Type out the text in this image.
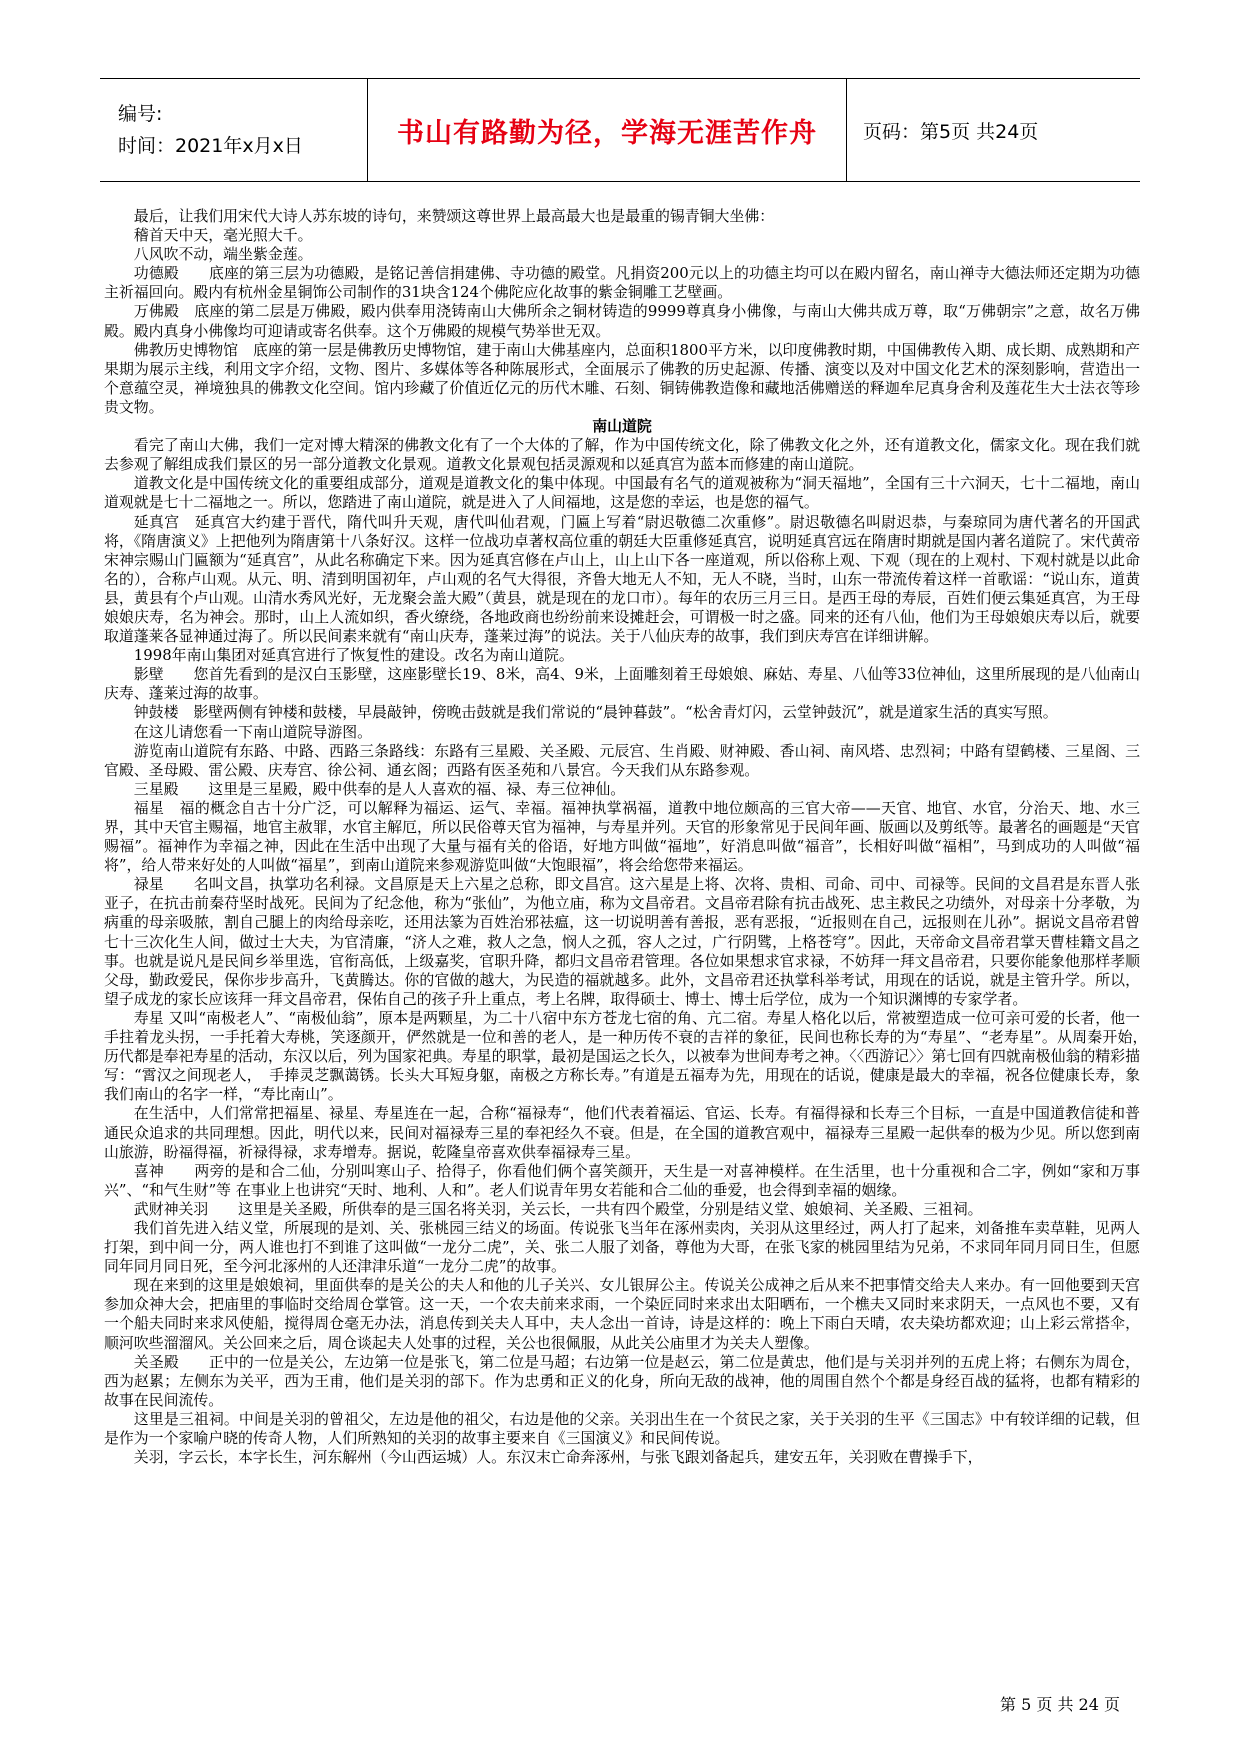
编号:
时间：2021年x月x日	书山有路勤为径，学海无涯苦作舟 页码：第5页 共24页

最后，让我们用宋代大诗人苏东坡的诗句，来赞颂这尊世界上最高最大也是最重的锡青铜大坐佛：

稽首天中天，毫光照大千。

八风吹不动，端坐紫金莲。

功德殿　　底座的第三层为功德殿，是铭记善信捐建佛、寺功德的殿堂。凡捐资200元以上的功德主均可以在殿内留名，南山禅寺大德法师还定期为功德主祈福回向。殿内有杭州金星铜饰公司制作的31块含124个佛陀应化故事的紫金铜雕工艺壁画。

万佛殿　底座的第二层是万佛殿，殿内供奉用浇铸南山大佛所余之铜材铸造的9999尊真身小佛像，与南山大佛共成万尊，取“万佛朝宗”之意，故名万佛殿。殿内真身小佛像均可迎请或寄名供奉。这个万佛殿的规模气势举世无双。

佛教历史博物馆　底座的第一层是佛教历史博物馆，建于南山大佛基座内，总面积1800平方米，以印度佛教时期，中国佛教传入期、成长期、成熟期和产果期为展示主线，利用文字介绍，文物、图片、多媒体等各种陈展形式，全面展示了佛教的历史起源、传播、演变以及对中国文化艺术的深刻影响，营造出一个意蕴空灵，禅境独具的佛教文化空间。馆内珍藏了价值近亿元的历代木雕、石刻、铜铸佛教造像和藏地活佛赠送的释迦牟尼真身舍利及莲花生大士法衣等珍贵文物。

南山道院

看完了南山大佛，我们一定对博大精深的佛教文化有了一个大体的了解，作为中国传统文化，除了佛教文化之外，还有道教文化，儒家文化。现在我们就去参观了解组成我们景区的另一部分道教文化景观。道教文化景观包括灵源观和以延真宫为蓝本而修建的南山道院。

道教文化是中国传统文化的重要组成部分，道观是道教文化的集中体现。中国最有名气的道观被称为“洞天福地”，全国有三十六洞天，七十二福地，南山道观就是七十二福地之一。所以，您踏进了南山道院，就是进入了人间福地，这是您的幸运，也是您的福气。

延真宫　延真宫大约建于晋代，隋代叫升天观，唐代叫仙君观，门匾上写着“尉迟敬德二次重修”。尉迟敬德名叫尉迟恭，与秦琼同为唐代著名的开国武将，《隋唐演义》上把他列为隋唐第十八条好汉。这样一位战功卓著权高位重的朝廷大臣重修延真宫，说明延真宫远在隋唐时期就是国内著名道院了。宋代黄帝宋神宗赐山门匾额为“延真宫”，从此名称确定下来。因为延真宫修在卢山上，山上山下各一座道观，所以俗称上观、下观（现在的上观村、下观村就是以此命名的），合称卢山观。从元、明、清到明国初年，卢山观的名气大得很，齐鲁大地无人不知，无人不晓，当时，山东一带流传着这样一首歌谣：“说山东，道黄县，黄县有个卢山观。山清水秀风光好，无龙聚会盖大殿”（黄县，就是现在的龙口市）。每年的农历三月三日。是西王母的寿辰，百姓们便云集延真宫，为王母娘娘庆寿，名为神会。那时，山上人流如织，香火缭绕，各地政商也纷纷前来设摊赶会，可谓极一时之盛。同来的还有八仙，他们为王母娘娘庆寿以后，就要取道蓬莱各显神通过海了。所以民间素来就有“南山庆寿，蓬莱过海”的说法。关于八仙庆寿的故事，我们到庆寿宫在详细讲解。

1998年南山集团对延真宫进行了恢复性的建设。改名为南山道院。

影壁　　您首先看到的是汉白玉影壁，这座影壁长19、8米，高4、9米，上面雕刻着王母娘娘、麻姑、寿星、八仙等33位神仙，这里所展现的是八仙南山庆寿、蓬莱过海的故事。

钟鼓楼　影壁两侧有钟楼和鼓楼，早晨敲钟，傍晚击鼓就是我们常说的“晨钟暮鼓”。“松舍青灯闪，云堂钟鼓沉”，就是道家生活的真实写照。

在这儿请您看一下南山道院导游图。

游览南山道院有东路、中路、西路三条路线：东路有三星殿、关圣殿、元辰宫、生肖殿、财神殿、香山祠、南风塔、忠烈祠；中路有望鹤楼、三星阁、三官殿、圣母殿、雷公殿、庆寿宫、徐公祠、通玄阁；西路有医圣苑和八景宫。今天我们从东路参观。

三星殿　　这里是三星殿，殿中供奉的是人人喜欢的福、禄、寿三位神仙。

福星　福的概念自古十分广泛，可以解释为福运、运气、幸福。福神执掌祸福，道教中地位颇高的三官大帝——天官、地官、水官，分治天、地、水三界，其中天官主赐福，地官主赦罪，水官主解厄，所以民俗尊天官为福神，与寿星并列。天官的形象常见于民间年画、版画以及剪纸等。最著名的画题是“天官赐福”。福神作为幸福之神，因此在生活中出现了大量与福有关的俗语，好地方叫做“福地”，好消息叫做“福音”，长相好叫做“福相”，马到成功的人叫做“福将”，给人带来好处的人叫做“福星”，到南山道院来参观游览叫做“大饱眼福”，将会给您带来福运。

禄星　　名叫文昌，执掌功名利禄。文昌原是天上六星之总称，即文昌宫。这六星是上将、次将、贵相、司命、司中、司禄等。民间的文昌君是东晋人张亚子，在抗击前秦苻坚时战死。民间为了纪念他，称为“张仙”，为他立庙，称为文昌帝君。文昌帝君除有抗击战死、忠主救民之功绩外，对母亲十分孝敬，为病重的母亲吸脓，割自己腿上的肉给母亲吃，还用法篆为百姓治邪祛瘟，这一切说明善有善报，恶有恶报，“近报则在自己，远报则在儿孙”。据说文昌帝君曾七十三次化生人间，做过士大夫，为官清廉，“济人之难，救人之急，悯人之孤，容人之过，广行阴骘，上格苍穹”。因此，天帝命文昌帝君掌天曹桂籍文昌之事。也就是说凡是民间乡举里选，官衔高低，上级嘉奖，官职升降，都归文昌帝君管理。各位如果想求官求禄，不妨拜一拜文昌帝君，只要你能象他那样孝顺父母，勤政爱民，保你步步高升，飞黄腾达。你的官做的越大，为民造的福就越多。此外，文昌帝君还执掌科举考试，用现在的话说，就是主管升学。所以，望子成龙的家长应该拜一拜文昌帝君，保佑自己的孩子升上重点，考上名牌，取得硕士、博士、博士后学位，成为一个知识渊博的专家学者。

寿星 又叫“南极老人”、“南极仙翁”，原本是两颗星，为二十八宿中东方苍龙七宿的角、亢二宿。寿星人格化以后，常被塑造成一位可亲可爱的长者，他一手拄着龙头拐，一手托着大寿桃，笑逐颜开，俨然就是一位和善的老人，是一种历传不衰的吉祥的象征，民间也称长寿的为“寿星”、“老寿星”。从周秦开始，　　　历代都是奉祀寿星的活动，东汉以后，列为国家祀典。寿星的职掌，最初是国运之长久，以被奉为世间寿考之神。〈〈西游记〉〉第七回有四就南极仙翁的精彩描写：“霄汉之间现老人，　手捧灵芝飘蔼锈。长头大耳短身躯，南极之方称长寿。”有道是五福寿为先，用现在的话说，健康是最大的幸福，祝各位健康长寿，象我们南山的名字一样，“寿比南山”。

在生活中，人们常常把福星、禄星、寿星连在一起，合称“福禄寿“，他们代表着福运、官运、长寿。有福得禄和长寿三个目标，一直是中国道教信徒和普通民众追求的共同理想。因此，明代以来，民间对福禄寿三星的奉祀经久不衰。但是，在全国的道教宫观中，福禄寿三星殿一起供奉的极为少见。所以您到南山旅游，盼福得福，祈禄得禄，求寿增寿。据说，乾隆皇帝喜欢供奉福禄寿三星。

喜神　　两旁的是和合二仙，分别叫寒山子、拾得子，你看他们俩个喜笑颜开，天生是一对喜神模样。在生活里，也十分重视和合二字，例如“家和万事兴”、“和气生财”等 在事业上也讲究“天时、地利、人和”。老人们说青年男女若能和合二仙的垂爱，也会得到幸福的姻缘。

武财神关羽　　这里是关圣殿，所供奉的是三国名将关羽，关云长，一共有四个殿堂，分别是结义堂、娘娘祠、关圣殿、三祖祠。

我们首先进入结义堂，所展现的是刘、关、张桃园三结义的场面。传说张飞当年在涿州卖肉，关羽从这里经过，两人打了起来，刘备推车卖草鞋，见两人打架，到中间一分，两人谁也打不到谁了这叫做“一龙分二虎”，关、张二人服了刘备，尊他为大哥，在张飞家的桃园里结为兄弟，不求同年同月同日生，但愿同年同月同日死，至今河北涿州的人还津津乐道“一龙分二虎”的故事。

现在来到的这里是娘娘祠，里面供奉的是关公的夫人和他的儿子关兴、女儿银屏公主。传说关公成神之后从来不把事情交给夫人来办。有一回他要到天宫参加众神大会，把庙里的事临时交给周仓掌管。这一天，一个农夫前来求雨，一个染匠同时来求出太阳晒布，一个樵夫又同时来求阴天，一点风也不要，又有一个船夫同时来求风使船，搅得周仓毫无办法，消息传到关夫人耳中，夫人念出一首诗，诗是这样的：晚上下雨白天晴，农夫染坊都欢迎；山上彩云常搭伞，顺河吹些溜溜风。关公回来之后，周仓谈起夫人处事的过程，关公也很佩服，从此关公庙里才为关夫人塑像。

关圣殿　　正中的一位是关公，左边第一位是张飞，第二位是马超；右边第一位是赵云，第二位是黄忠，他们是与关羽并列的五虎上将；右侧东为周仓，西为赵累；左侧东为关平，西为王甫，他们是关羽的部下。作为忠勇和正义的化身，所向无敌的战神，他的周围自然个个都是身经百战的猛将，也都有精彩的故事在民间流传。

这里是三祖祠。中间是关羽的曾祖父，左边是他的祖父，右边是他的父亲。关羽出生在一个贫民之家，关于关羽的生平《三国志》中有较详细的记载，但是作为一个家喻户晓的传奇人物，人们所熟知的关羽的故事主要来自《三国演义》和民间传说。

关羽，字云长，本字长生，河东解州（今山西运城）人。东汉末亡命奔涿州，与张飞跟刘备起兵，建安五年，关羽败在曹操手下，

第 5 页 共 24 页
